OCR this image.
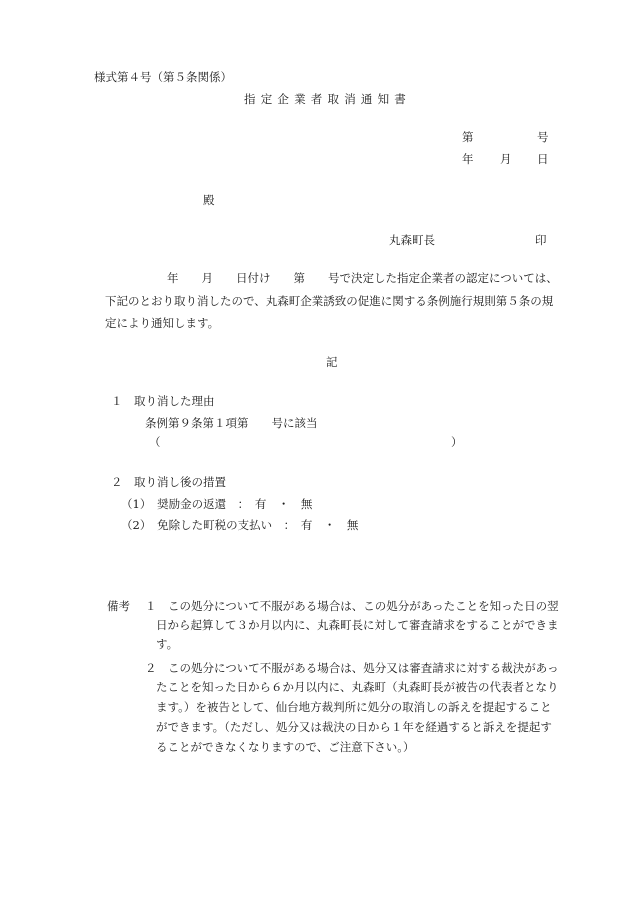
様式第４号（第５条関係）
指定企業者取消通知書
第	号
年 月 日
殿
丸森町長	印
年　　月　　日付け　　第　　号で決定した指定企業者の認定については、
下記のとおり取り消したので、丸森町企業誘致の促進に関する条例施行規則第５条の規
定により通知します。
記
１　取り消した理由
条例第９条第１項第　　号に該当
（	）
２　取り消し後の措置
（1）　奨励金の返還　：　有　・　無
（2）　免除した町税の支払い　：　有　・　無
備考 １　この処分について不服がある場合は、この処分があったことを知った日の翌
日から起算して３か月以内に、丸森町長に対して審査請求をすることができま
す。
２　この処分について不服がある場合は、処分又は審査請求に対する裁決があっ
たことを知った日から６か月以内に、丸森町（丸森町長が被告の代表者となり
ます。）を被告として、仙台地方裁判所に処分の取消しの訴えを提起すること
ができます。（ただし、処分又は裁決の日から１年を経過すると訴えを提起す
ることができなくなりますので、ご注意下さい。）
